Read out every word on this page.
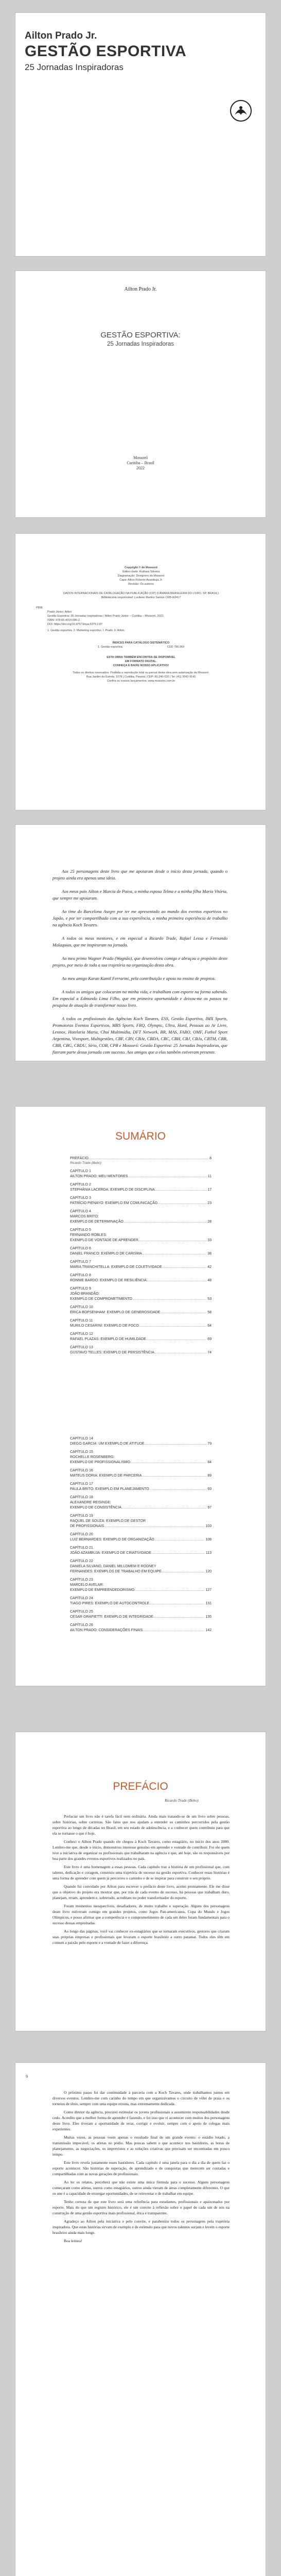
Ailton Prado Jr.
GESTÃO ESPORTIVA
25 Jornadas Inspiradoras
Ailton Prado Jr.
GESTÃO ESPORTIVA:
25 Jornadas Inspiradoras
Mossoró
Curitiba – Brasil
2022
Copyright © de Mossoró
Editor-chefe: Ruthara Silveira
Diagramação: Designers da Mossoró
Capa: Ailton Roberto Azambuja Jr.
Revisão: Os autores
DADOS INTERNACIONAIS DE CATALOGAÇÃO NA PUBLICAÇÃO (CIP) (CÂMARA BRASILEIRA DO LIVRO, SP, BRASIL)
Bibliotecária responsável: Lucilene Martins Santos CRB-9/2417
P896
Prado Júnior, Ailton
Gestão Esportiva: 25 Jornadas Inspiradoras / Ailton Prado Júnior – Curitiba – Mossoró, 2022.
ISBN: 978-65-4014-086-2
DOI: https://doi.org/10.47573/aya.5379.2.87
1. Gestão esportiva. 2. Marketing esportivo. I. Prado Jr. Ailton.
ÍNDICES PARA CATÁLOGO SISTEMÁTICO
1. Gestão esportiva.	CDD 796.069
ESTA OBRA TAMBÉM ENCONTRA-SE DISPONÍVEL
EM FORMATO DIGITAL.
CONHEÇA E BAIXE NOSSO APLICATIVO!
Todos os direitos reservados. Proibida a reprodução total ou parcial desta obra sem autorização da Mossoró.
Rua Jardim da Estrela, 1078 | Curitiba, Paraná | CEP: 80.240-020 | Tel: (41) 3042-9141
Confira os nossos lançamentos: www.mossoro.com.br

Aos 25 personagens deste livro que me apoiaram desde o início desta jornada, quando o projeto ainda era apenas uma ideia.

Aos meus pais Ailton e Marcia de Paiva, a minha esposa Telma e a minha filha Maria Vitória, que sempre me apoiaram.

Ao time do Barcelona Asegre por ter me apresentado ao mundo dos eventos esportivos no Japão, e por ter compartilhado com a sua experiência, a minha primeira experiência de trabalho na agência Koch Tavares.

A todos os meus mentores, e em especial a Ricardo Trade, Rafael Lessa e Fernando Malaquias, que me inspiraram na jornada.

Ao meu primo Wagner Prado (Wagnão), que desenvolveu comigo e abraçou o propósito deste projeto, por meio de toda a sua trajetória na organização desta obra.

Ao meu amigo Karan Kamil Ferrarini, pela contribuição e apoio no ensino de projetos.

A todos os amigos que colocaram na minha vida, e trabalham com esporte na forma sabendo. Em especial a Edmundo Lima Filho, que em primeira oportunidade e deixou-me os passos na pesquisa de atuação de transformar nosso livro.

A todos os profissionais das Agências Koch Tavares, ESS, Gestão Esportiva, IMX Sports, Promotoras Eventos Esportivos, MRS Sports, FRQ, Olympic, Ultra, Hard, Pessoas ao Ar Livre, Lennox, Hotelaria Maria, Chuí Multimídia, DFT Network, BR, MAS, FARO, OMF, Futbol Sport Argentina, Vivesport, Multigestões, CBF, CBV, CBAt, CBDA, CBC, CBH, CBJ, CBJu, CBTM, CBR, CBB, CBG, CBDU, Sírio, COB, CPB e Mossoró: Gestão Esportiva: 25 Jornadas Inspiradoras, que fizeram parte dessa jornada com sucesso. Aos amigos que a elas também estiveram presente.

SUMÁRIO
PREFÁCIO .....	8
Ricardo Trade (Bebo)
CAPÍTULO 1
AILTON PRADO: MEU MENTORES .....	11
CAPÍTULO 2
STEPHÂNIA LACERDA: EXEMPLO DE DISCIPLINA .....	17
CAPÍTULO 3
PATRÍCIO PIENAYO: EXEMPLO EM COMUNICAÇÃO .....	23
CAPÍTULO 4
MARCOS BRITO:
EXEMPLO DE DETERMINAÇÃO .....	28
CAPÍTULO 5
FERNANDO ROBLES:
EXEMPLO DE VONTADE DE APRENDER .....	33
CAPÍTULO 6
DANIEL FRANCO: EXEMPLO DE CARISMA .....	38
CAPÍTULO 7
MARIA TRANCHITELLA: EXEMPLO DE COLETIVIDADE .....	42
CAPÍTULO 8
RONNIE BARDO: EXEMPLO DE RESILIÊNCIA .....	48
CAPÍTULO 9
JOÃO BRANDÃO:
EXEMPLO DE COMPROMETIMENTO .....	53
CAPÍTULO 10
ERICA BOPSENHAM: EXEMPLO DE GENEROSIDADE .....	58
CAPÍTULO 11
MURILO CESARINI: EXEMPLO DE FOCO .....	64
CAPÍTULO 12
RAFAEL PLAZAS: EXEMPLO DE HUMILDADE .....	69
CAPÍTULO 13
GUSTAVO TELLES: EXEMPLO DE PERSISTÊNCIA .....	74
CAPÍTULO 14
DIEGO GARCIA: UM EXEMPLO DE ATITUDE .....	79
CAPÍTULO 15
ROCHELLE ROSENBERG:
EXEMPLO DE PROFISSIONALISMO .....	84
CAPÍTULO 16
MATEUS DORIA: EXEMPLO DE PARCERIA .....	89
CAPÍTULO 17
PAULA BRITO: EXEMPLO EM PLANEJAMENTO .....	93
CAPÍTULO 18
ALEXANDRE REISINGE:
EXEMPLO DE CONSISTÊNCIA .....	97
CAPÍTULO 19
RAQUEL DE SOUZA: EXEMPLO DE GESTOR
DE PROFISSIONAIS .....	103
CAPÍTULO 20
LUIZ BERNARDES: EXEMPLO DE ORGANIZAÇÃO .....	108
CAPÍTULO 21
JOÃO AZAMBUJA: EXEMPLO DE CRIATIVIDADE .....	113
CAPÍTULO 22
DANIELA SILVANO, DANIEL MILLOMEM E RODNEY
FERNANDES: EXEMPLOS DE TRABALHO EM EQUIPE .....	120
CAPÍTULO 23
MARCELO AVELAR:
EXEMPLO DE EMPREENDEDORISMO .....	127
CAPÍTULO 24
TIAGO PIRES: EXEMPLO DE AUTOCONTROLE .....	131
CAPÍTULO 25
CESAR GRAFIETTI: EXEMPLO DE INTEGRIDADE .....	135
CAPÍTULO 26
AILTON PRADO: CONSIDERAÇÕES FINAIS .....	142
PREFÁCIO
Ricardo Trade (Bebo)

Prefaciar um livro não é tarefa fácil nem ordinária. Ainda mais tratando-se de um livro sobre pessoas, sobre histórias, sobre carreiras. São fatos que nos ajudam a entender os caminhos percorridos pela gestão esportiva ao longo de décadas no Brasil, em seu estado de adolescência, e a conhecer quem contribuiu para que ela se tornasse o que é hoje.

Conheci o Ailton Prado quando ele chegou à Koch Tavares, como estagiário, no início dos anos 2000. Lembro-me que, desde o início, demonstrou interesse genuíno em aprender e vontade de contribuir. Foi ele quem teve a iniciativa de organizar os profissionais que trabalharam na agência e que, até hoje, são os responsáveis por boa parte dos grandes eventos esportivos realizados no país.

Este livro é uma homenagem a essas pessoas. Cada capítulo traz a história de um profissional que, com talento, dedicação e coragem, construiu uma trajetória de sucesso na gestão esportiva. Conhecer essas histórias é uma forma de aprender com quem já percorreu o caminho e de se inspirar para construir o seu próprio.

Quando fui convidado por Ailton para escrever o prefácio deste livro, aceitei prontamente. Ele me disse que o objetivo do projeto era mostrar que, por trás de cada evento de sucesso, há pessoas que trabalham duro, planejam, erram, aprendem e, sobretudo, acreditam no poder transformador do esporte.

Foram momentos inesquecíveis, desafiadores, de muito trabalho e superação. Alguns dos personagens deste livro estiveram comigo em grandes projetos, como Jogos Pan-americanos, Copa do Mundo e Jogos Olímpicos, e posso afirmar que a competência e o comprometimento de cada um deles foram fundamentais para o sucesso dessas empreitadas.

Ao longo das páginas, você vai conhecer ex-estagiários que se tornaram executivos, gestores que criaram suas próprias empresas e profissionais que levaram o esporte brasileiro a outro patamar. Todos eles têm em comum a paixão pelo esporte e a vontade de fazer a diferença.

9

O próximo passo foi dar continuidade à parceria com a Koch Tavares, onde trabalhamos juntos em diversos eventos. Lembro-me com carinho do tempo em que organizávamos o circuito de vôlei de praia e os torneios de tênis, sempre com uma equipe enxuta, mas extremamente dedicada.

Como diretor da agência, procurei estimular os jovens profissionais a assumirem responsabilidades desde cedo. Acredito que a melhor forma de aprender é fazendo, e foi isso que vi acontecer com muitos dos personagens deste livro. Eles tiveram a oportunidade de errar, corrigir e evoluir, sempre com o apoio de colegas mais experientes.

Muitas vezes, as pessoas veem apenas o resultado final de um grande evento: o estádio lotado, a transmissão impecável, os atletas no pódio. Mas poucas sabem o que acontece nos bastidores, as horas de planejamento, as negociações, os imprevistos e as soluções criativas que precisam ser encontradas em pouco tempo.

Este livro revela justamente esses bastidores. Cada capítulo é uma janela para o dia a dia de quem faz o esporte acontecer. São histórias de superação, de aprendizado e de conquistas que merecem ser contadas e compartilhadas com as novas gerações de profissionais.

Ao ler os relatos, perceberá que não existe uma única fórmula para o sucesso. Alguns personagens começaram como atletas, outros como estagiários, outros ainda vieram de áreas completamente diferentes. O que os une é a capacidade de enxergar oportunidades, de se reinventar e de trabalhar em equipe.

Tenho certeza de que este livro será uma referência para estudantes, profissionais e apaixonados por esporte. Mais do que um registro histórico, ele é um convite à reflexão sobre o papel de cada um de nós na construção de uma gestão esportiva mais profissional, ética e transparente.

Agradeço ao Ailton pela iniciativa e pelo convite, e parabenizo todos os personagens pela trajetória inspiradora. Que estas histórias sirvam de exemplo e de estímulo para que novos talentos surjam e levem o esporte brasileiro ainda mais longe.

Boa leitura!
